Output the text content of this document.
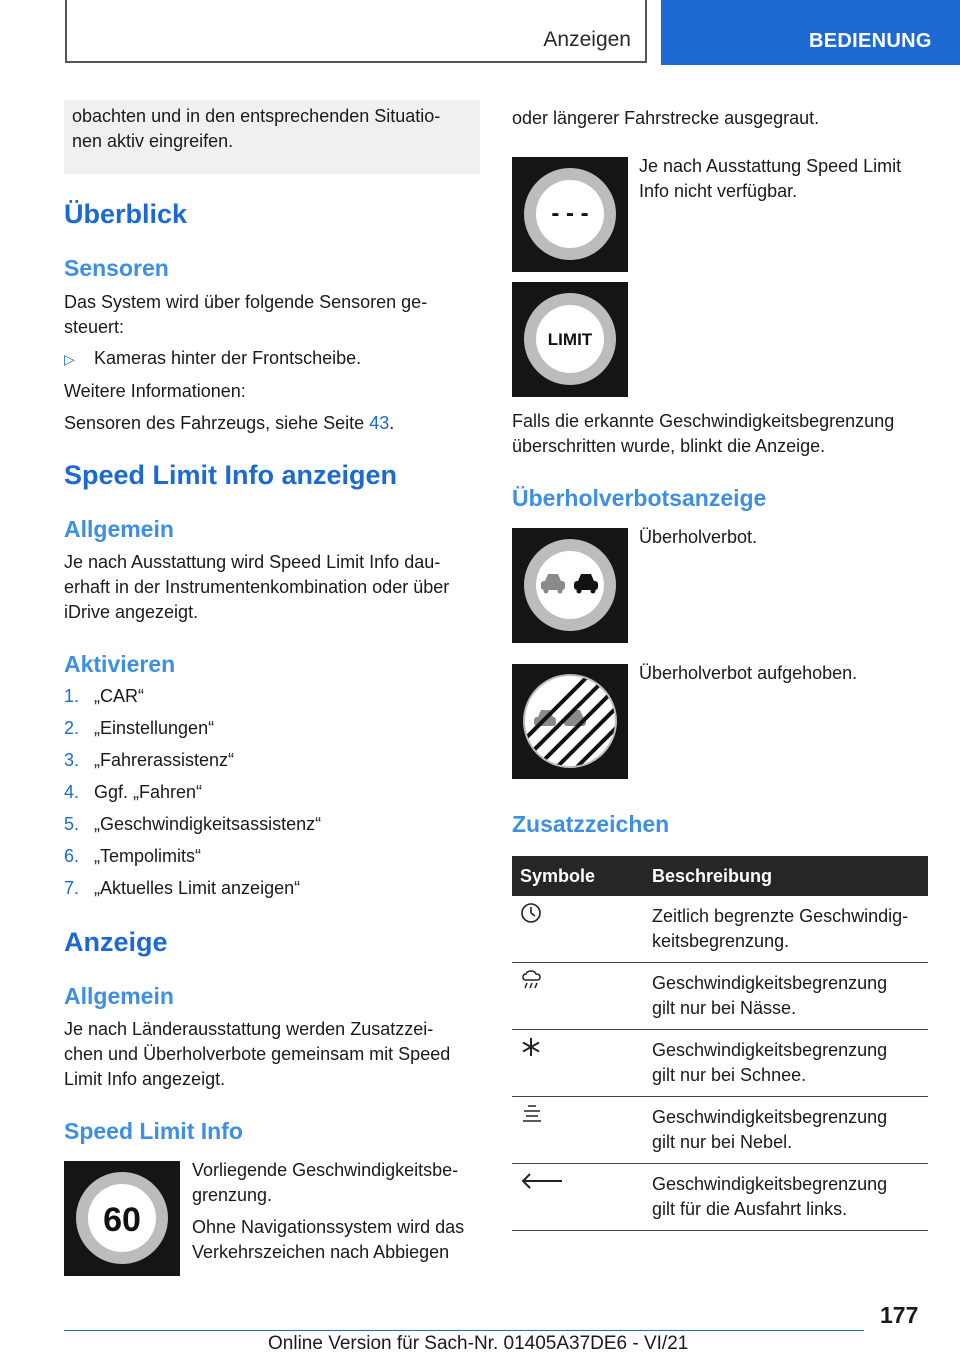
Anzeigen	BEDIENUNG

obachten und in den entsprechenden Situatio-
nen aktiv eingreifen.

Überblick
Sensoren
Das System wird über folgende Sensoren ge-
steuert:
▷ Kameras hinter der Frontscheibe.
Weitere Informationen:
Sensoren des Fahrzeugs, siehe Seite 43.
Speed Limit Info anzeigen
Allgemein
Je nach Ausstattung wird Speed Limit Info dau-
erhaft in der Instrumentenkombination oder über
iDrive angezeigt.
Aktivieren
1. „CAR“
2. „Einstellungen“
3. „Fahrerassistenz“
4. Ggf. „Fahren“
5. „Geschwindigkeitsassistenz“
6. „Tempolimits“
7. „Aktuelles Limit anzeigen“
Anzeige
Allgemein
Je nach Länderausstattung werden Zusatzzei-
chen und Überholverbote gemeinsam mit Speed
Limit Info angezeigt.
Speed Limit Info
60
Vorliegende Geschwindigkeitsbe-
grenzung.
Ohne Navigationssystem wird das
Verkehrszeichen nach Abbiegen
oder längerer Fahrstrecke ausgegraut.
- - -
Je nach Ausstattung Speed Limit
Info nicht verfügbar.
LIMIT
Falls die erkannte Geschwindigkeitsbegrenzung
überschritten wurde, blinkt die Anzeige.
Überholverbotsanzeige
Überholverbot.
Überholverbot aufgehoben.
Zusatzzeichen
Symbole	Beschreibung
	Zeitlich begrenzte Geschwindig-
keitsbegrenzung.
	Geschwindigkeitsbegrenzung
gilt nur bei Nässe.
	Geschwindigkeitsbegrenzung
gilt nur bei Schnee.
	Geschwindigkeitsbegrenzung
gilt nur bei Nebel.
	Geschwindigkeitsbegrenzung
gilt für die Ausfahrt links.
177
Online Version für Sach-Nr. 01405A37DE6 - VI/21
